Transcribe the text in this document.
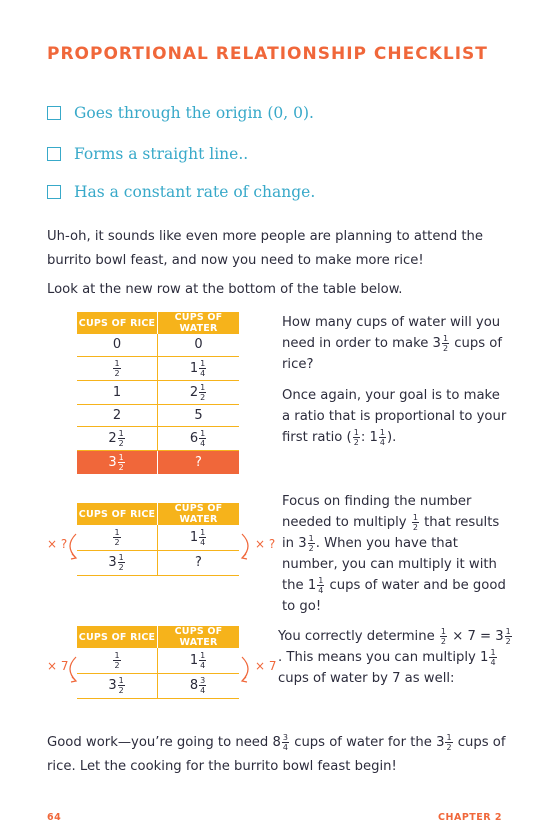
PROPORTIONAL RELATIONSHIP CHECKLIST
Goes through the origin (0, 0).
Forms a straight line..
Has a constant rate of change.
Uh-oh, it sounds like even more people are planning to attend the burrito bowl feast, and now you need to make more rice!
Look at the new row at the bottom of the table below.
CUPS OF RICE	CUPS OF WATER
0	0

$\frac{1}{2}$	$1 \frac{1}{4}$

1	$2 \frac{1}{2}$

2	5
$2 \frac{1}{2}$	$6 \frac{1}{4}$

$3 \frac{1}{2}$	?
How many cups of water will you need in order to make $3 \frac{1}{2}$ cups of rice?
Once again, your goal is to make a ratio that is proportional to your first ratio ( $\frac{1}{2}$ : $1 \frac{1}{4}$ ).
CUPS OF RICE	CUPS OF WATER

$\frac{1}{2}$	$1 \frac{1}{4}$

$3 \frac{1}{2}$	?
× ?	× ?
Focus on finding the number needed to multiply $\frac{1}{2}$ that results in $3 \frac{1}{2}$ . When you have that number, you can multiply it with the $1 \frac{1}{4}$ cups of water and be good to go!
CUPS OF RICE	CUPS OF WATER

$\frac{1}{2}$	$1 \frac{1}{4}$

$3 \frac{1}{2}$	$8 \frac{3}{4}$
× 7	× 7
You correctly determine $\frac{1}{2} \times 7 = 3 \frac{1}{2}$
. This means you can multiply $1 \frac{1}{4}$
cups of water by 7 as well:
Good work—you’re going to need $8 \frac{3}{4}$ cups of water for the $3 \frac{1}{2}$ cups of rice. Let the cooking for the burrito bowl feast begin!
64	CHAPTER 2
